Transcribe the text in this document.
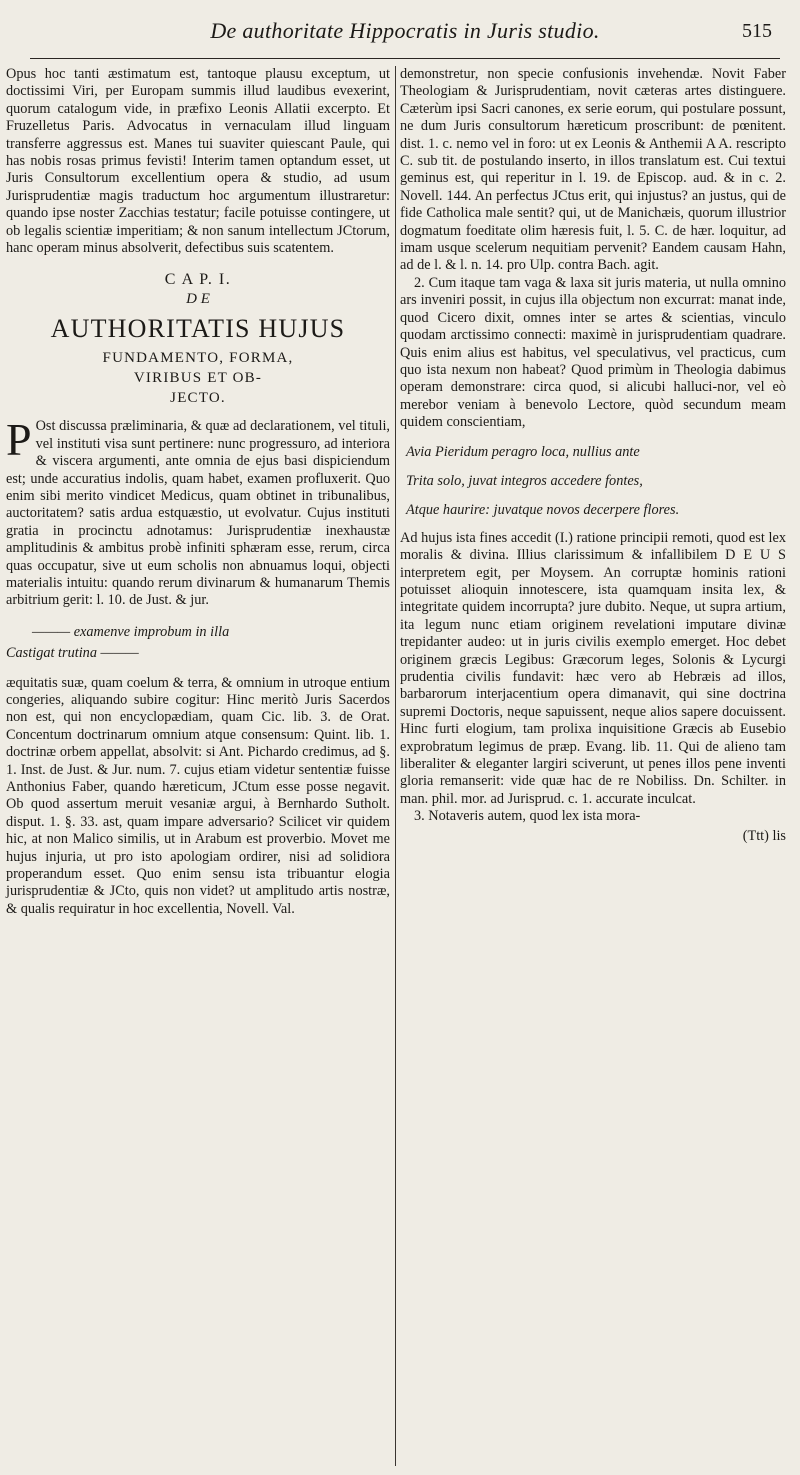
De authoritate Hippocratis in Juris studio.	515

Opus hoc tanti æstimatum est, tantoque plausu exceptum, ut doctissimi Viri, per Europam summis illud laudibus evexerint, quorum catalogum vide, in præfixo Leonis Allatii excerpto. Et Fruzelletus Paris. Advocatus in vernaculam illud linguam transferre aggressus est. Manes tui suaviter quiescant Paule, qui has nobis rosas primus fevisti! Interim tamen optandum esset, ut Juris Consultorum excellentium opera & studio, ad usum Jurisprudentiæ magis traductum hoc argumentum illustraretur: quando ipse noster Zacchias testatur; facile potuisse contingere, ut ob legalis scientiæ imperitiam; & non sanum intellectum JCtorum, hanc operam minus absolverit, defectibus suis scatentem.

C A P. I.
D E
AUTHORITATIS HUJUS
FUNDAMENTO, FORMA,
VIRIBUS ET OB-
JECTO.

P Ost discussa præliminaria, & quæ ad declarationem, vel tituli, vel instituti visa sunt pertinere: nunc progressuro, ad interiora & viscera argumenti, ante omnia de ejus basi dispiciendum est; unde accuratius indolis, quam habet, examen profluxerit. Quo enim sibi merito vindicet Medicus, quam obtinet in tribunalibus, auctoritatem? satis ardua estquæstio, ut evolvatur. Cujus instituti gratia in procinctu adnotamus: Jurisprudentiæ inexhaustæ amplitudinis & ambitus probè infiniti sphæram esse, rerum, circa quas occupatur, sive ut eum scholis non abnuamus loqui, objecti materialis intuitu: quando rerum divinarum & humanarum Themis arbitrium gerit: l. 10. de Just. & jur.

——— examenve improbum in illa
Castigat trutina ———

æquitatis suæ, quam coelum & terra, & omnium in utroque entium congeries, aliquando subire cogitur: Hinc meritò Juris Sacerdos non est, qui non encyclopædiam, quam Cic. lib. 3. de Orat. Concentum doctrinarum omnium atque consensum: Quint. lib. 1. doctrinæ orbem appellat, absolvit: si Ant. Pichardo credimus, ad §. 1. Inst. de Just. & Jur. num. 7. cujus etiam videtur sententiæ fuisse Anthonius Faber, quando hæreticum, JCtum esse posse negavit. Ob quod assertum meruit vesaniæ argui, à Bernhardo Sutholt. disput. 1. §. 33. ast, quam impare adversario? Scilicet vir quidem hic, at non Malico similis, ut in Arabum est proverbio. Movet me hujus injuria, ut pro isto apologiam ordirer, nisi ad solidiora properandum esset. Quo enim sensu ista tribuantur elogia jurisprudentiæ & JCto, quis non videt? ut amplitudo artis nostræ, & qualis requiratur in hoc excellentia, Novell. Val.

demonstretur, non specie confusionis invehendæ. Novit Faber Theologiam & Jurisprudentiam, novit cæteras artes distinguere. Cæterùm ipsi Sacri canones, ex serie eorum, qui postulare possunt, ne dum Juris consultorum hæreticum proscribunt: de pœnitent. dist. 1. c. nemo vel in foro: ut ex Leonis & Anthemii A A. rescripto C. sub tit. de postulando inserto, in illos translatum est. Cui textui geminus est, qui reperitur in l. 19. de Episcop. aud. & in c. 2. Novell. 144. An perfectus JCtus erit, qui injustus? an justus, qui de fide Catholica male sentit? qui, ut de Manichæis, quorum illustrior dogmatum foeditate olim hæresis fuit, l. 5. C. de hær. loquitur, ad imam usque scelerum nequitiam pervenit? Eandem causam Hahn, ad de l. & l. n. 14. pro Ulp. contra Bach. agit.

2. Cum itaque tam vaga & laxa sit juris materia, ut nulla omnino ars inveniri possit, in cujus illa objectum non excurrat: manat inde, quod Cicero dixit, omnes inter se artes & scientias, vinculo quodam arctissimo connecti: maximè in jurisprudentiam quadrare. Quis enim alius est habitus, vel speculativus, vel practicus, cum quo ista nexum non habeat? Quod primùm in Theologia dabimus operam demonstrare: circa quod, si alicubi halluci-nor, vel eò merebor veniam à benevolo Lectore, quòd secundum meam quidem conscientiam,

Avia Pieridum peragro loca, nullius ante
Trita solo, juvat integros accedere fontes,
Atque haurire: juvatque novos decerpere flores.

Ad hujus ista fines accedit (I.) ratione principii remoti, quod est lex moralis & divina. Illius clarissimum & infallibilem D E U S interpretem egit, per Moysem. An corruptæ hominis rationi potuisset alioquin innotescere, ista quamquam insita lex, & integritate quidem incorrupta? jure dubito. Neque, ut supra artium, ita legum nunc etiam originem revelationi imputare divinæ trepidanter audeo: ut in juris civilis exemplo emerget. Hoc debet originem græcis Legibus: Græcorum leges, Solonis & Lycurgi prudentia civilis fundavit: hæc vero ab Hebræis ad illos, barbarorum interjacentium opera dimanavit, qui sine doctrina supremi Doctoris, neque sapuissent, neque alios sapere docuissent. Hinc furti elogium, tam prolixa inquisitione Græcis ab Eusebio exprobratum legimus de præp. Evang. lib. 11. Qui de alieno tam liberaliter & eleganter largiri sciverunt, ut penes illos pene inventi gloria remanserit: vide quæ hac de re Nobiliss. Dn. Schilter. in man. phil. mor. ad Jurisprud. c. 1. accurate inculcat.

3. Notaveris autem, quod lex ista mora-

(Ttt) lis
